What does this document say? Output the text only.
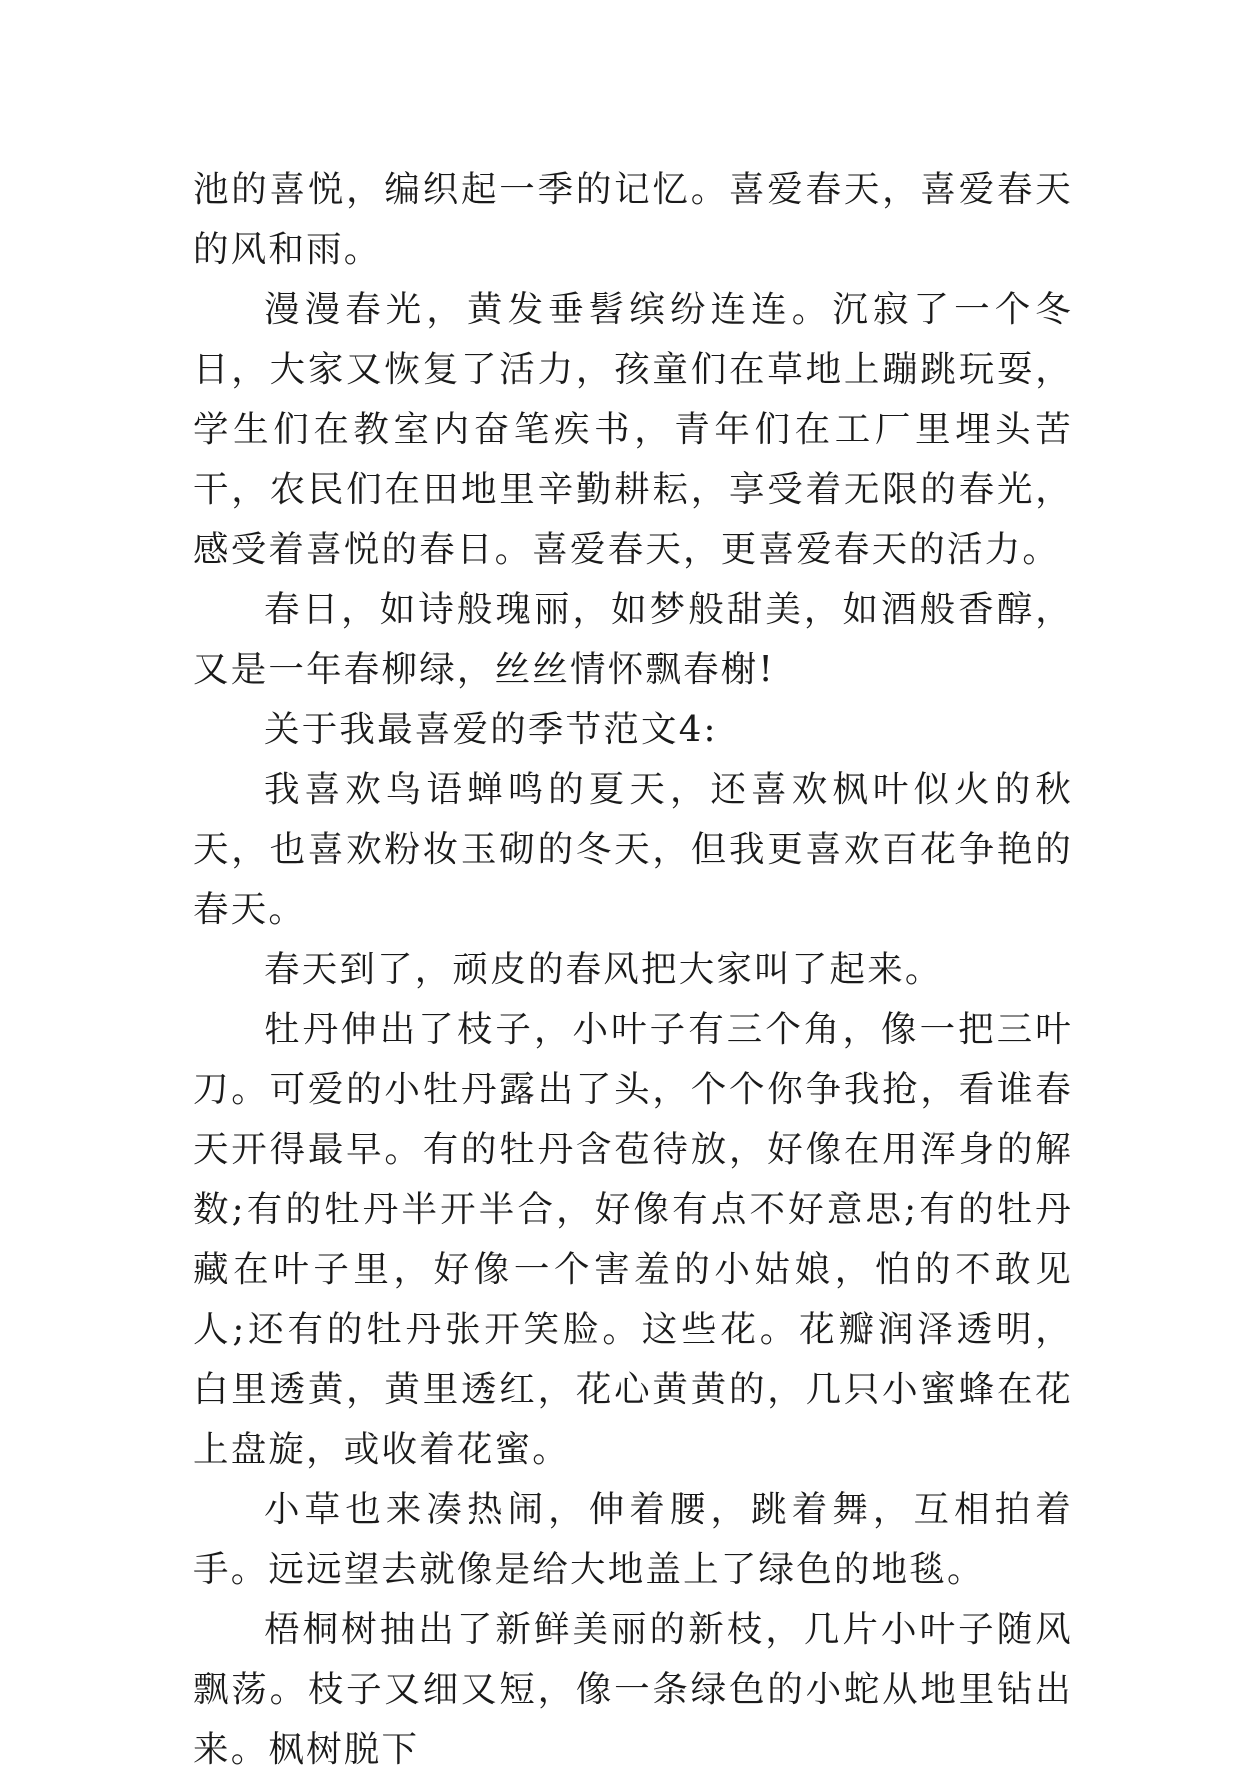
池的喜悦，编织起一季的记忆。喜爱春天，喜爱春天的风和雨。

漫漫春光，黄发垂髫缤纷连连。沉寂了一个冬日，大家又恢复了活力，孩童们在草地上蹦跳玩耍，学生们在教室内奋笔疾书，青年们在工厂里埋头苦干，农民们在田地里辛勤耕耘，享受着无限的春光，感受着喜悦的春日。喜爱春天，更喜爱春天的活力。

春日，如诗般瑰丽，如梦般甜美，如酒般香醇，又是一年春柳绿，丝丝情怀飘春榭!

关于我最喜爱的季节范文4:

我喜欢鸟语蝉鸣的夏天，还喜欢枫叶似火的秋天，也喜欢粉妆玉砌的冬天，但我更喜欢百花争艳的春天。

春天到了，顽皮的春风把大家叫了起来。

牡丹伸出了枝子，小叶子有三个角，像一把三叶刀。可爱的小牡丹露出了头，个个你争我抢，看谁春天开得最早。有的牡丹含苞待放，好像在用浑身的解数;有的牡丹半开半合，好像有点不好意思;有的牡丹藏在叶子里，好像一个害羞的小姑娘，怕的不敢见人;还有的牡丹张开笑脸。这些花。花瓣润泽透明，白里透黄，黄里透红，花心黄黄的，几只小蜜蜂在花上盘旋，或收着花蜜。

小草也来凑热闹，伸着腰，跳着舞，互相拍着手。远远望去就像是给大地盖上了绿色的地毯。

梧桐树抽出了新鲜美丽的新枝，几片小叶子随风飘荡。枝子又细又短，像一条绿色的小蛇从地里钻出来。枫树脱下
